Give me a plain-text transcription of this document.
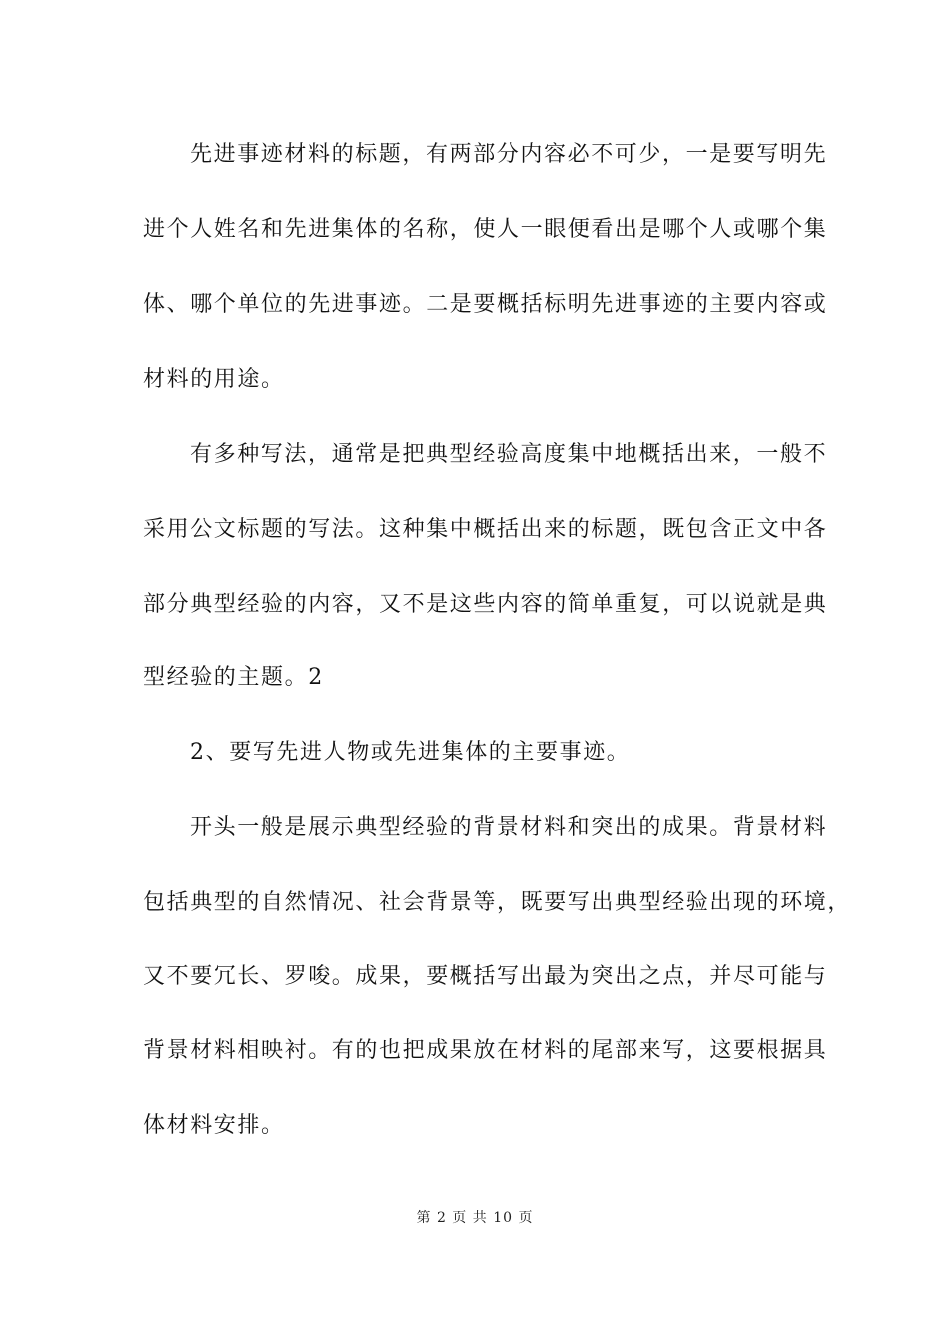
先进事迹材料的标题，有两部分内容必不可少，一是要写明先
进个人姓名和先进集体的名称，使人一眼便看出是哪个人或哪个集
体、哪个单位的先进事迹。二是要概括标明先进事迹的主要内容或
材料的用途。
有多种写法，通常是把典型经验高度集中地概括出来，一般不
采用公文标题的写法。这种集中概括出来的标题，既包含正文中各
部分典型经验的内容，又不是这些内容的简单重复，可以说就是典
型经验的主题。2
2、要写先进人物或先进集体的主要事迹。
开头一般是展示典型经验的背景材料和突出的成果。背景材料
包括典型的自然情况、社会背景等，既要写出典型经验出现的环境，
又不要冗长、罗唆。成果，要概括写出最为突出之点，并尽可能与
背景材料相映衬。有的也把成果放在材料的尾部来写，这要根据具
体材料安排。
第 2 页 共 10 页
